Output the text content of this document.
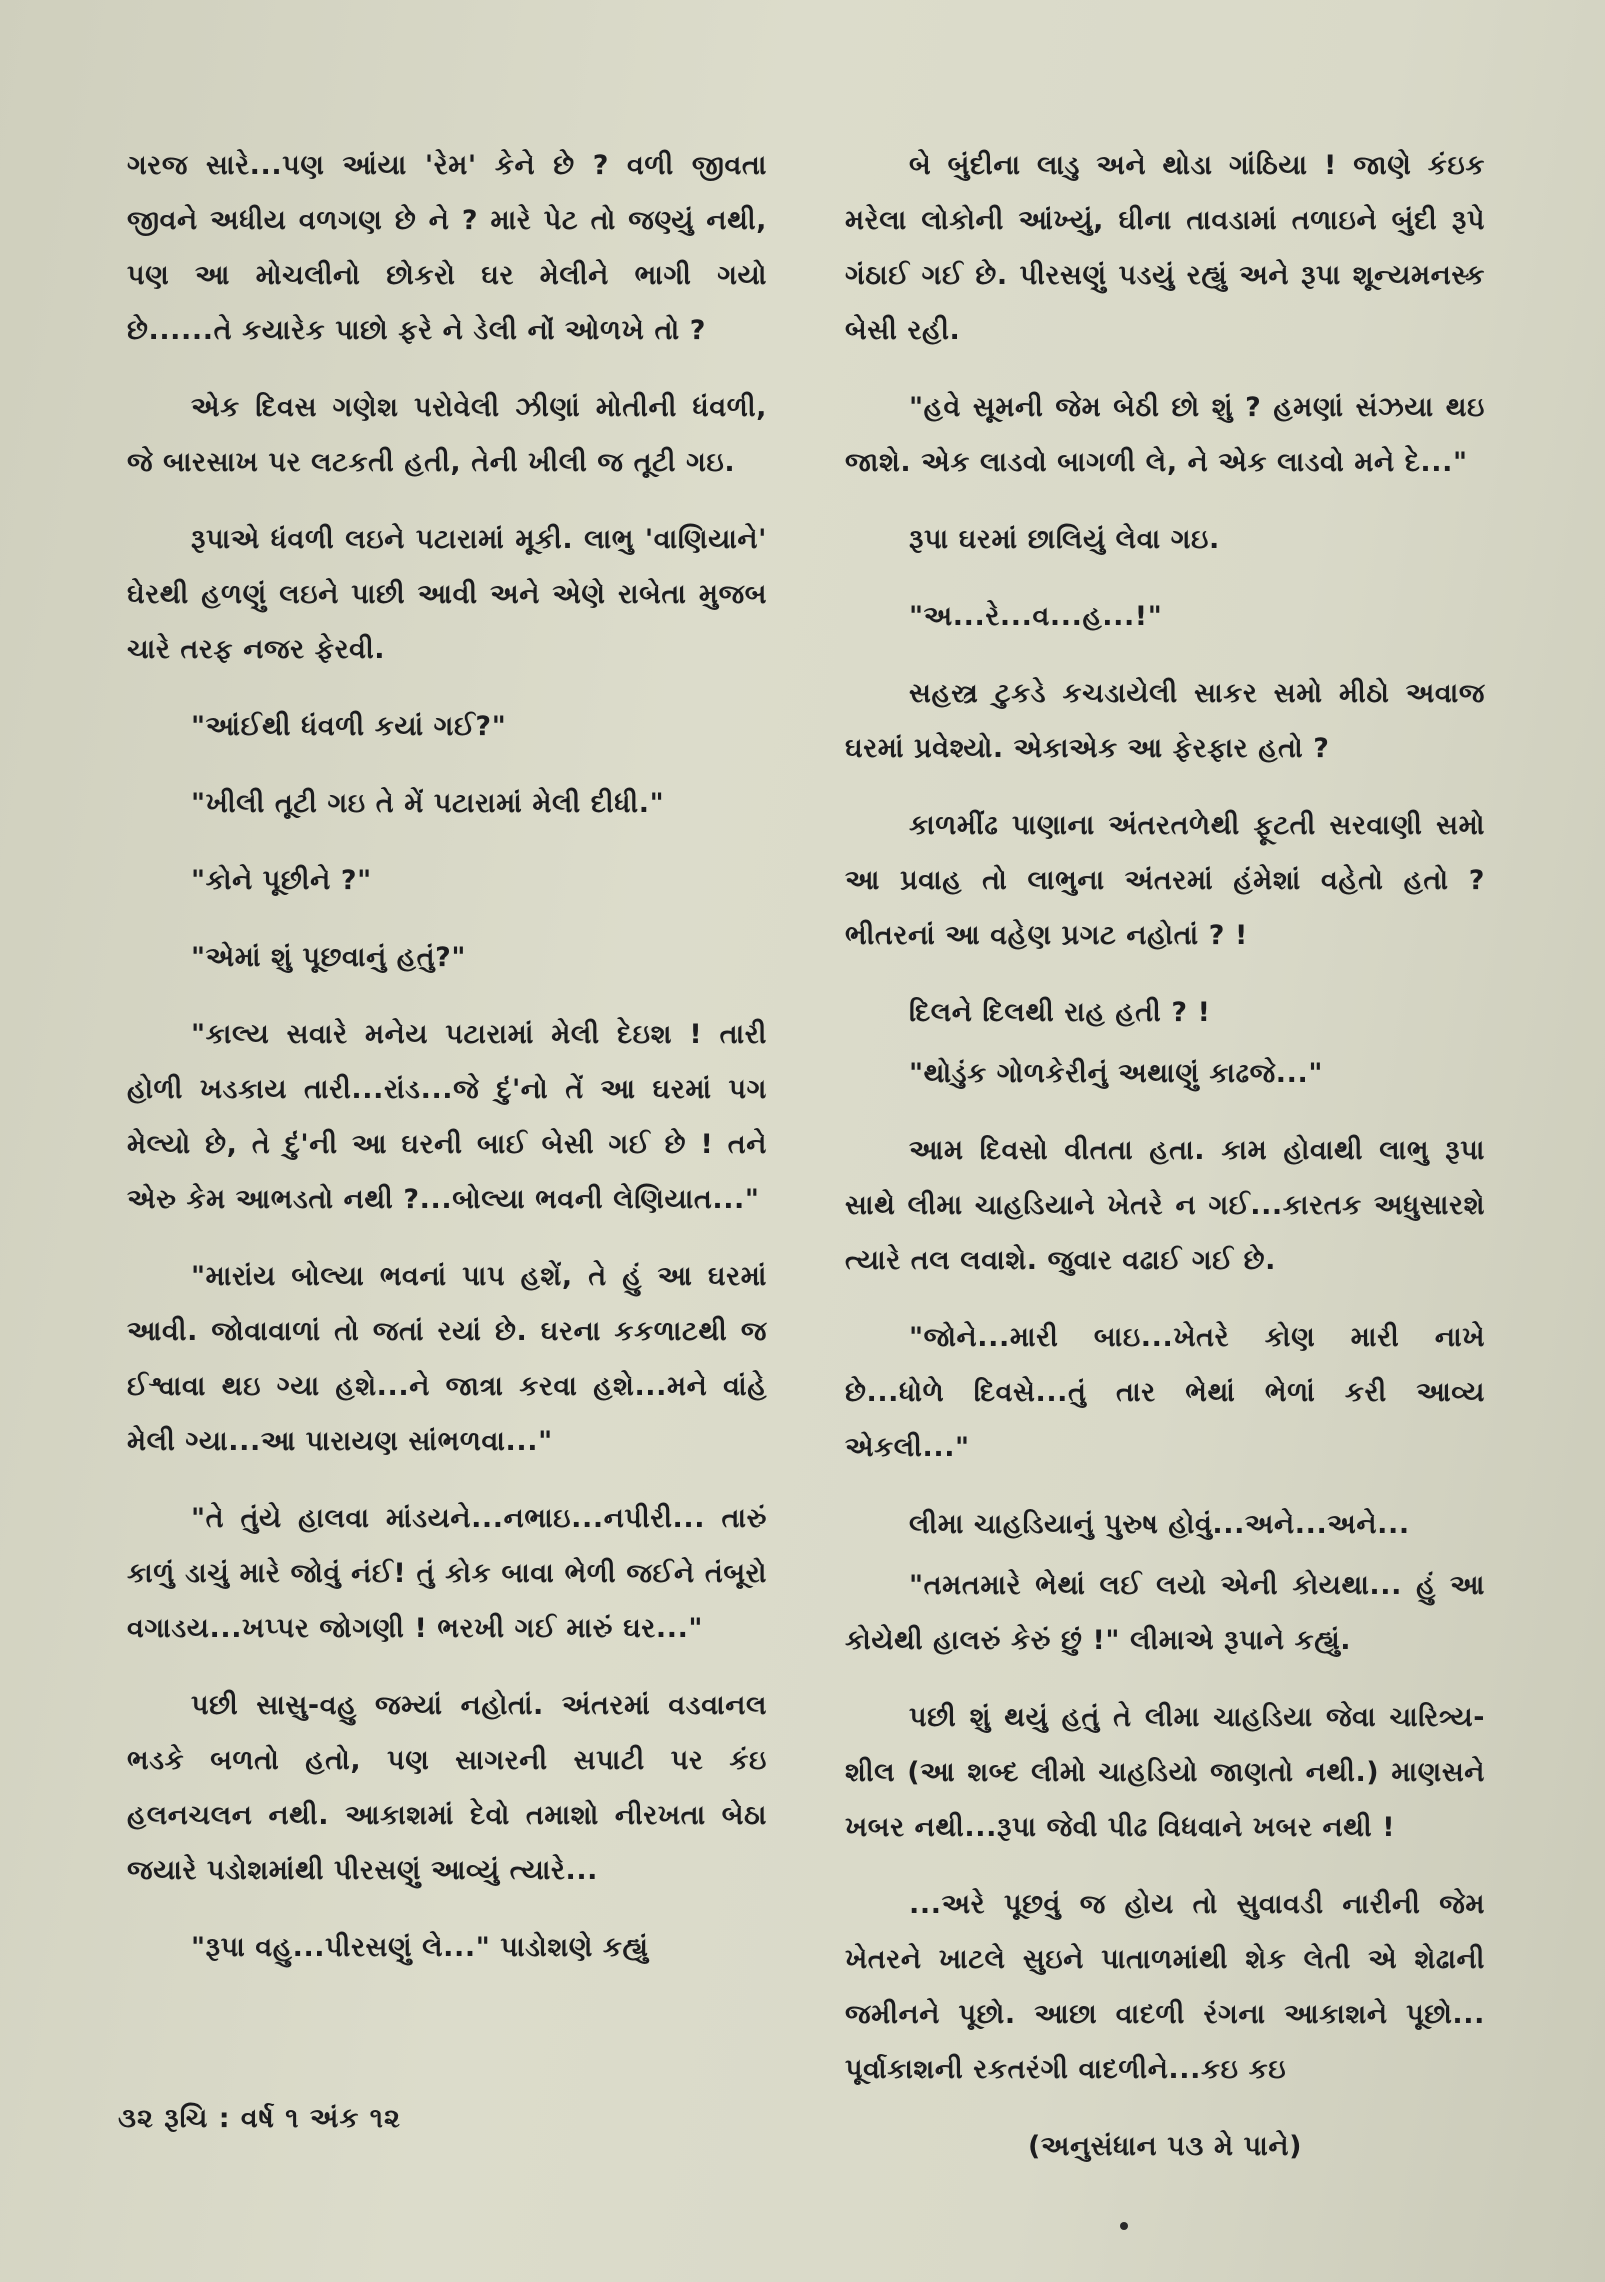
ગરજ સારે...પણ આંયા 'રેમ' કેને છે ? વળી જીવતા જીવને અધીય વળગણ છે ને ? મારે પેટ તો જણ્યું નથી, પણ આ મોચલીનો છોકરો ઘર મેલીને ભાગી ગયો છે......તે કયારેક પાછો ફરે ને ડેલી નોં ઓળખે તો ?

એક દિવસ ગણેશ પરોવેલી ઝીણાં મોતીની ધંવળી, જે બારસાખ પર લટકતી હતી, તેની ખીલી જ તૂટી ગઇ.

રૂપાએ ધંવળી લઇને પટારામાં મૂકી. લાભુ 'વાણિયાને' ઘેરથી હળણું લઇને પાછી આવી અને એણે રાબેતા મુજબ ચારે તરફ નજર ફેરવી.

"આંઈથી ધંવળી કયાં ગઈ?"

"ખીલી તૂટી ગઇ તે મેં પટારામાં મેલી દીધી."

"કોને પૂછીને ?"

"એમાં શું પૂછવાનું હતું?"

"કાલ્ય સવારે મનેય પટારામાં મેલી દેઇશ ! તારી હોળી ખડકાય તારી...રાંડ...જે દું'નો તેં આ ઘરમાં પગ મેલ્યો છે, તે દું'ની આ ઘરની બાઈ બેસી ગઈ છે ! તને એરુ કેમ આભડતો નથી ?...બોલ્યા ભવની લેણિયાત..."

"મારાંય બોલ્યા ભવનાં પાપ હશેં, તે હું આ ઘરમાં આવી. જોવાવાળાં તો જતાં રયાં છે. ઘરના કકળાટથી જ ઈશ્વાવા થઇ ગ્યા હશે...ને જાત્રા કરવા હશે...મને વાંહે મેલી ગ્યા...આ પારાયણ સાંભળવા..."

"તે તુંયે હાલવા માંડયને...નભાઇ...નપીરી... તારું કાળું ડાચું મારે જોવું નંઈ! તું કોક બાવા ભેળી જઈને તંબૂરો વગાડય...ખપ્પર જોગણી ! ભરખી ગઈ મારું ઘર..."

પછી સાસુ-વહુ જમ્યાં નહોતાં. અંતરમાં વડવાનલ ભડકે બળતો હતો, પણ સાગરની સપાટી પર કંઇ હલનચલન નથી. આકાશમાં દેવો તમાશો નીરખતા બેઠા જયારે પડોશમાંથી પીરસણું આવ્યું ત્યારે...

"રૂપા વહુ...પીરસણું લે..." પાડોશણે કહ્યું

બે બુંદીના લાડુ અને થોડા ગાંઠિયા ! જાણે કંઇક મરેલા લોકોની આંખ્યું, ઘીના તાવડામાં તળાઇને બુંદી રૂપે ગંઠાઈ ગઈ છે. પીરસણું પડયું રહ્યું અને રૂપા શૂન્યમનસ્ક બેસી રહી.

"હવે સૂમની જેમ બેઠી છો શું ? હમણાં સંઝયા થઇ જાશે. એક લાડવો બાગળી લે, ને એક લાડવો મને દે..."

રૂપા ઘરમાં છાલિયું લેવા ગઇ.

"અ...રે...વ...હ...!"

સહસ્ત્ર ટુકડે કચડાયેલી સાકર સમો મીઠો અવાજ ઘરમાં પ્રવેશ્યો. એકાએક આ ફેરફાર હતો ?

કાળમીંઢ પાણાના અંતરતળેથી ફૂટતી સરવાણી સમો આ પ્રવાહ તો લાભુના અંતરમાં હંમેશાં વહેતો હતો ? ભીતરનાં આ વહેણ પ્રગટ નહોતાં ? !

દિલને દિલથી રાહ હતી ? !

"થોડુંક ગોળકેરીનું અથાણું કાઢજે..."

આમ દિવસો વીતતા હતા. કામ હોવાથી લાભુ રૂપા સાથે લીમા ચાહડિયાને ખેતરે ન ગઈ...કારતક અધુસારશે ત્યારે તલ લવાશે. જુવાર વઢાઈ ગઈ છે.

"જોને...મારી બાઇ...ખેતરે કોણ મારી નાખે છે...ધોળે દિવસે...તું તાર ભેથાં ભેળાં કરી આવ્ય એકલી..."

લીમા ચાહડિયાનું પુરુષ હોવું...અને...અને...

"તમતમારે ભેથાં લઈ લયો એની કોયથા... હું આ કોયેથી હાલરું કેરું છું !" લીમાએ રૂપાને કહ્યું.

પછી શું થયું હતું તે લીમા ચાહડિયા જેવા ચારિત્ર્ય-શીલ (આ શબ્દ લીમો ચાહડિયો જાણતો નથી.) માણસને ખબર નથી...રૂપા જેવી પીઢ વિધવાને ખબર નથી !

...અરે પૂછવું જ હોય તો સુવાવડી નારીની જેમ ખેતરને ખાટલે સુઇને પાતાળમાંથી શેક લેતી એ શેઢાની જમીનને પૂછો. આછા વાદળી રંગના આકાશને પૂછો... પૂર્વાકાશની રકતરંગી વાદળીને...કઇ કઇ

(અનુસંધાન પ૩ મે પાને)

૩૨ રૂચિ : વર્ષ ૧ અંક ૧૨
